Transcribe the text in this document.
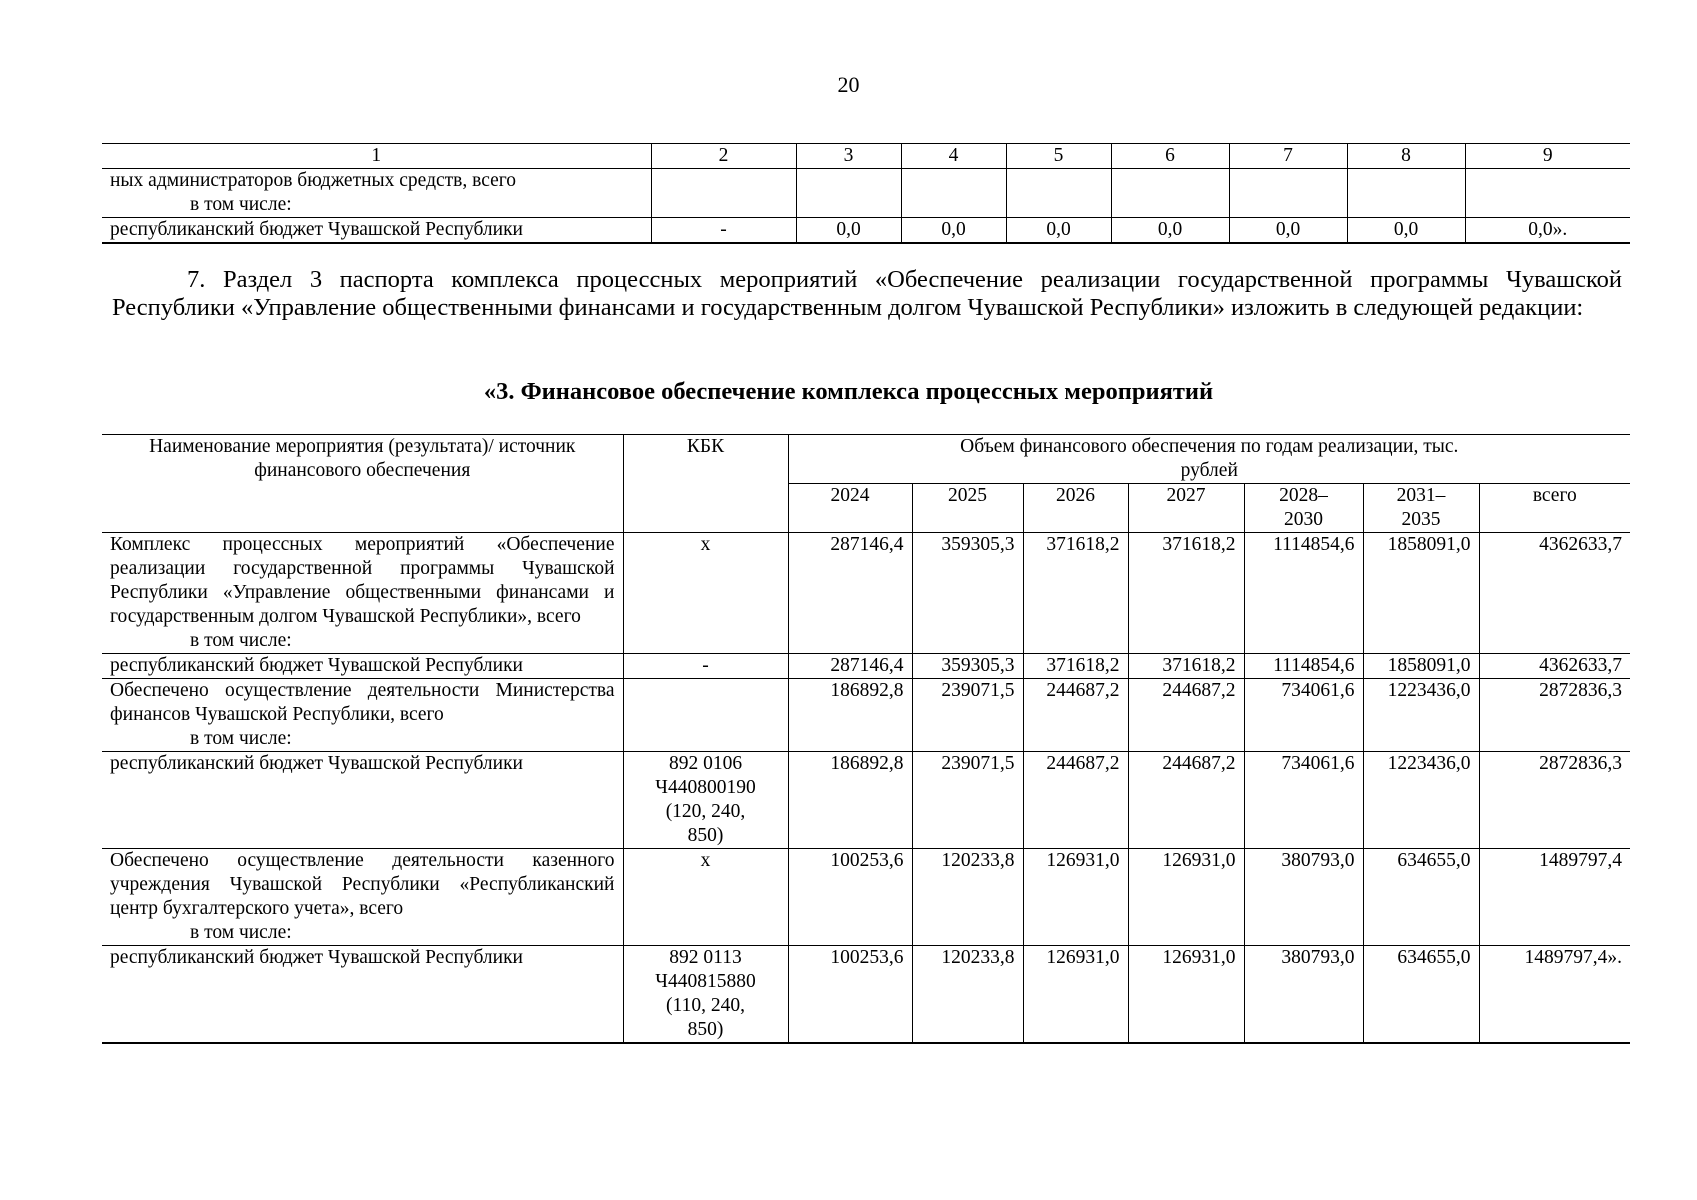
20
1	2	3	4	5	6	7	8	9
ных администраторов бюджетных средств, всего
в том числе:								

республиканский бюджет Чувашской Республики	-	0,0	0,0	0,0	0,0	0,0	0,0	0,0».
7. Раздел 3 паспорта комплекса процессных мероприятий «Обеспечение реализации государственной программы Чувашской Республики «Управление общественными финансами и государственным долгом Чувашской Республики» изложить в следующей редакции:
«3. Финансовое обеспечение комплекса процессных мероприятий
Наименование мероприятия (результата)/ источник финансового обеспечения	КБК	Объем финансового обеспечения по годам реализации, тыс. рублей						
		2024	2025	2026	2027	2028–2030	2031–2035	всего
Комплекс процессных мероприятий «Обеспечение реализации государственной программы Чувашской Республики «Управление общественными финансами и государственным долгом Чувашской Республики», всего
в том числе:	х	287146,4	359305,3	371618,2	371618,2	1114854,6	1858091,0	4362633,7
республиканский бюджет Чувашской Республики	-	287146,4	359305,3	371618,2	371618,2	1114854,6	1858091,0	4362633,7
Обеспечено осуществление деятельности Министерства финансов Чувашской Республики, всего
в том числе:		186892,8	239071,5	244687,2	244687,2	734061,6	1223436,0	2872836,3
республиканский бюджет Чувашской Республики	892 0106 Ч440800190 (120, 240, 850)	186892,8	239071,5	244687,2	244687,2	734061,6	1223436,0	2872836,3
Обеспечено осуществление деятельности казенного учреждения Чувашской Республики «Республиканский центр бухгалтерского учета», всего
в том числе:	х	100253,6	120233,8	126931,0	126931,0	380793,0	634655,0	1489797,4
республиканский бюджет Чувашской Республики	892 0113 Ч440815880 (110, 240, 850)	100253,6	120233,8	126931,0	126931,0	380793,0	634655,0	1489797,4».
